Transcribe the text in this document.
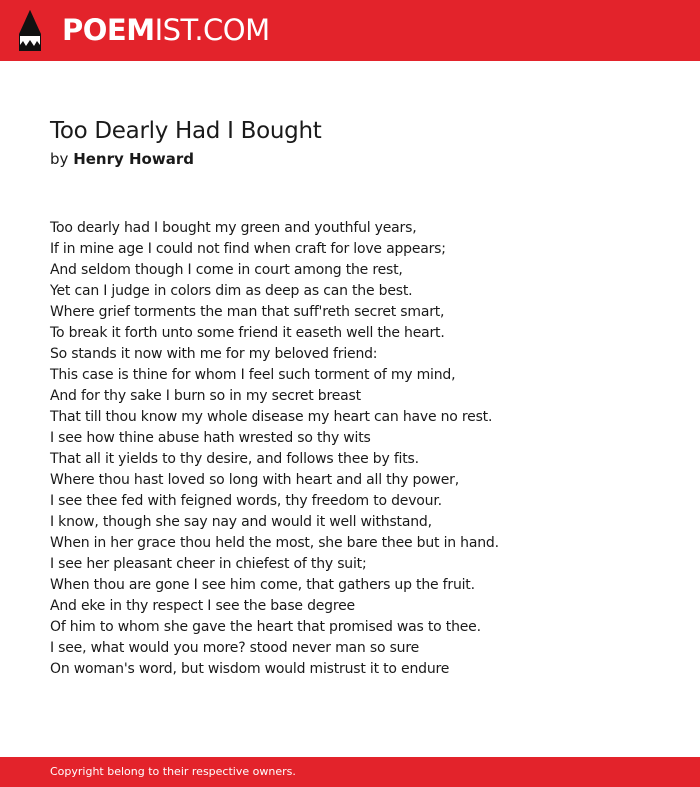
POEMIST.COM
Too Dearly Had I Bought
by Henry Howard
Too dearly had I bought my green and youthful years,
If in mine age I could not find when craft for love appears;
And seldom though I come in court among the rest,
Yet can I judge in colors dim as deep as can the best.
Where grief torments the man that suff'reth secret smart,
To break it forth unto some friend it easeth well the heart.
So stands it now with me for my beloved friend:
This case is thine for whom I feel such torment of my mind,
And for thy sake I burn so in my secret breast
That till thou know my whole disease my heart can have no rest.
I see how thine abuse hath wrested so thy wits
That all it yields to thy desire, and follows thee by fits.
Where thou hast loved so long with heart and all thy power,
I see thee fed with feigned words, thy freedom to devour.
I know, though she say nay and would it well withstand,
When in her grace thou held the most, she bare thee but in hand.
I see her pleasant cheer in chiefest of thy suit;
When thou are gone I see him come, that gathers up the fruit.
And eke in thy respect I see the base degree
Of him to whom she gave the heart that promised was to thee.
I see, what would you more? stood never man so sure
On woman's word, but wisdom would mistrust it to endure
Copyright belong to their respective owners.
